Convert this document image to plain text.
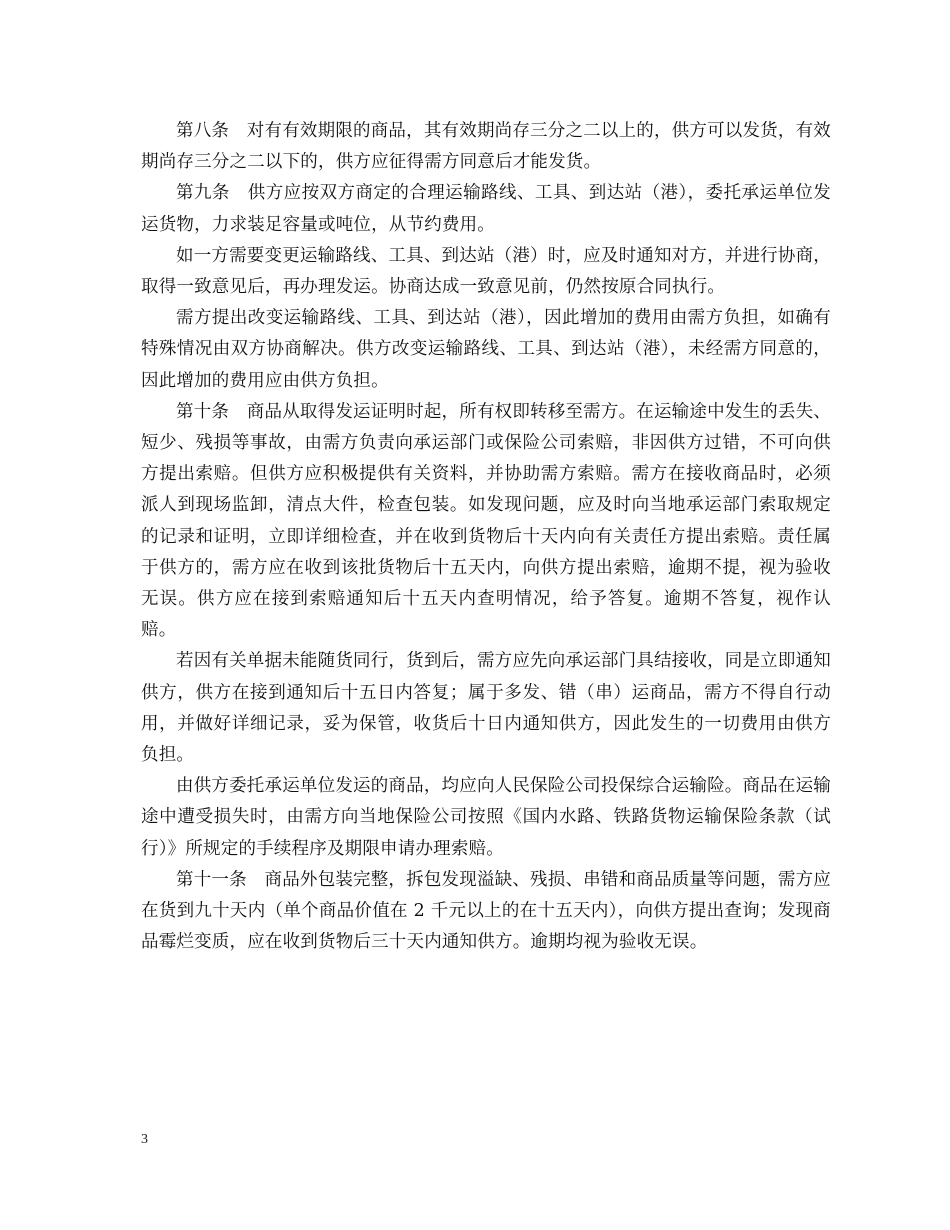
第八条　对有有效期限的商品，其有效期尚存三分之二以上的，供方可以发货，有效期尚存三分之二以下的，供方应征得需方同意后才能发货。

第九条　供方应按双方商定的合理运输路线、工具、到达站（港），委托承运单位发运货物，力求装足容量或吨位，从节约费用。

如一方需要变更运输路线、工具、到达站（港）时，应及时通知对方，并进行协商，取得一致意见后，再办理发运。协商达成一致意见前，仍然按原合同执行。

需方提出改变运输路线、工具、到达站（港），因此增加的费用由需方负担，如确有特殊情况由双方协商解决。供方改变运输路线、工具、到达站（港），未经需方同意的，因此增加的费用应由供方负担。

第十条　商品从取得发运证明时起，所有权即转移至需方。在运输途中发生的丢失、短少、残损等事故，由需方负责向承运部门或保险公司索赔，非因供方过错，不可向供方提出索赔。但供方应积极提供有关资料，并协助需方索赔。需方在接收商品时，必须派人到现场监卸，清点大件，检查包装。如发现问题，应及时向当地承运部门索取规定的记录和证明，立即详细检查，并在收到货物后十天内向有关责任方提出索赔。责任属于供方的，需方应在收到该批货物后十五天内，向供方提出索赔，逾期不提，视为验收无误。供方应在接到索赔通知后十五天内查明情况，给予答复。逾期不答复，视作认赔。

若因有关单据未能随货同行，货到后，需方应先向承运部门具结接收，同是立即通知供方，供方在接到通知后十五日内答复；属于多发、错（串）运商品，需方不得自行动用，并做好详细记录，妥为保管，收货后十日内通知供方，因此发生的一切费用由供方负担。

由供方委托承运单位发运的商品，均应向人民保险公司投保综合运输险。商品在运输途中遭受损失时，由需方向当地保险公司按照《国内水路、铁路货物运输保险条款（试行）》所规定的手续程序及期限申请办理索赔。

第十一条　商品外包装完整，拆包发现溢缺、残损、串错和商品质量等问题，需方应在货到九十天内（单个商品价值在 2 千元以上的在十五天内），向供方提出查询；发现商品霉烂变质，应在收到货物后三十天内通知供方。逾期均视为验收无误。

3
